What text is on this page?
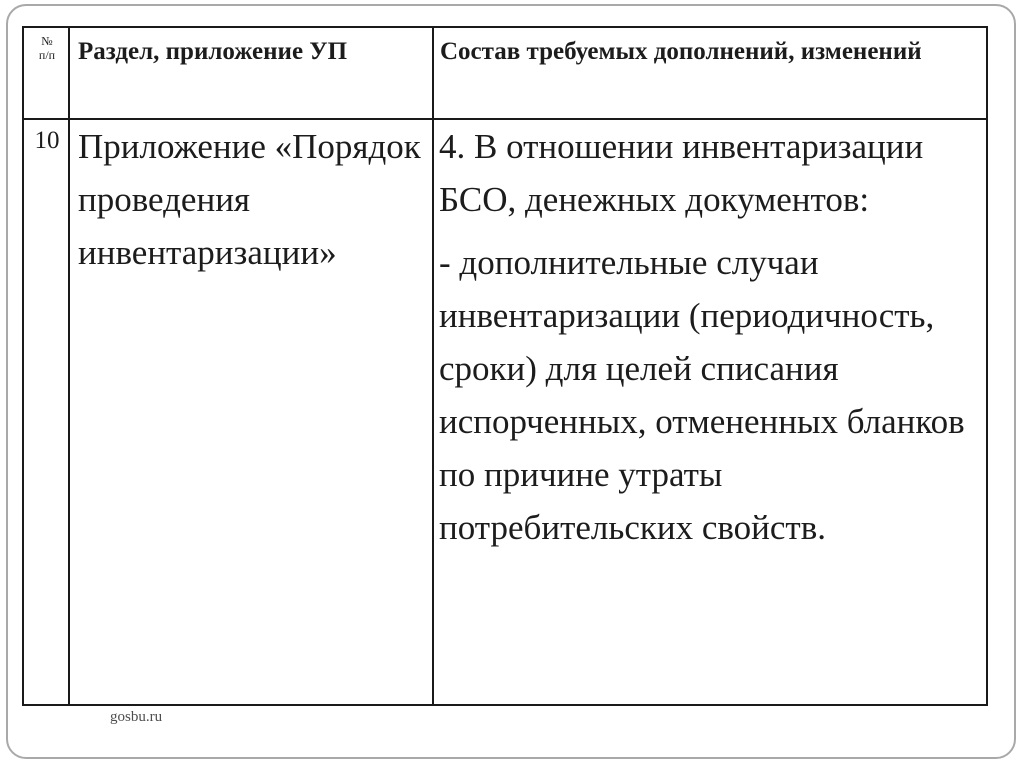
№
п/п Раздел, приложение УП	Состав требуемых дополнений, изменений
10 Приложение «Порядок проведения инвентаризации»

4. В отношении инвентаризации БСО, денежных документов:

- дополнительные случаи инвентаризации (периодичность, сроки) для целей списания испорченных, отмененных бланков по причине утраты потребительских свойств.

gosbu.ru
